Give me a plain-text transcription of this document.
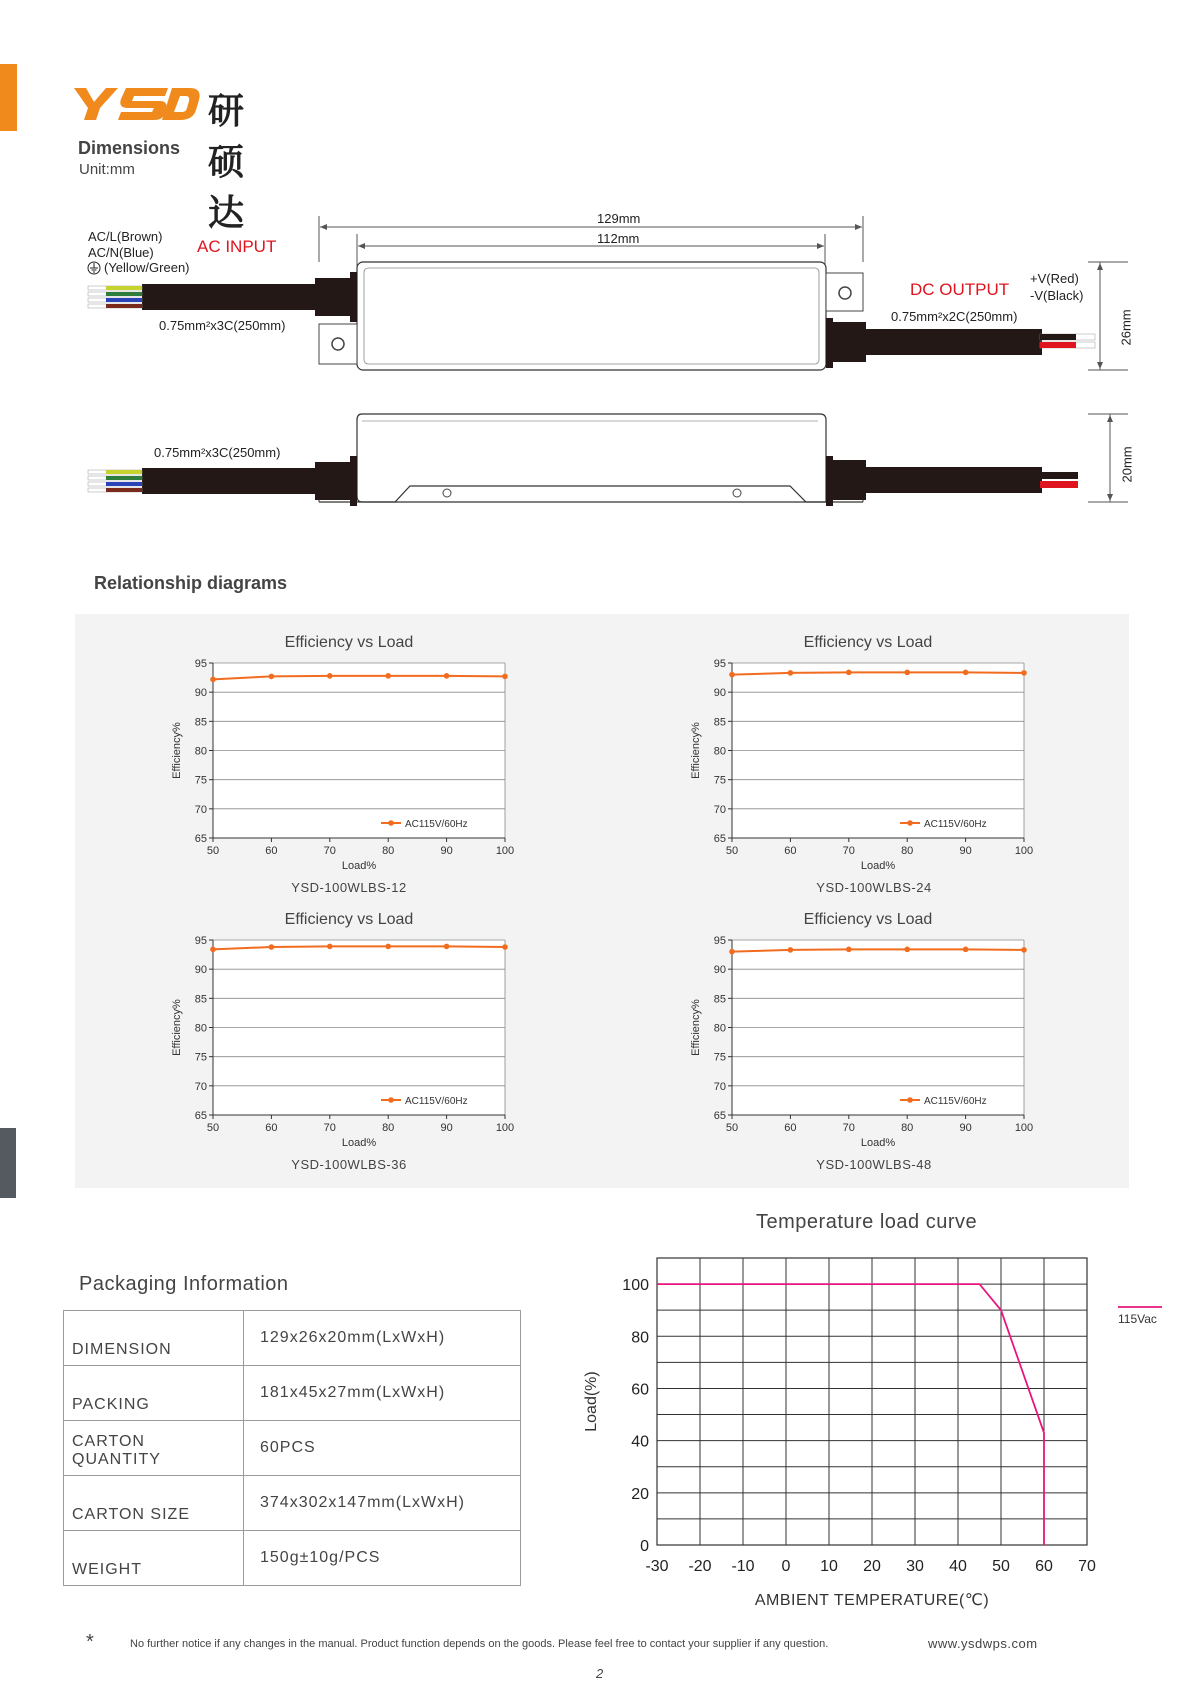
研硕达
Dimensions
Unit:mm
AC/L(Brown)
AC/N(Blue)
(Yellow/Green)
AC INPUT
DC OUTPUT
+V(Red)
-V(Black)
129mm
112mm
26mm
20mm
0.75mm²x3C(250mm)
0.75mm²x2C(250mm)
0.75mm²x3C(250mm)
Relationship diagrams
Efficiency vs Load	Efficiency vs Load
Efficiency vs Load	Efficiency vs Load
65
70
75
80
85
90
95
50	60	70	80	90	100
Load%
Efficiency%
AC115V/60Hz
65
70
75
80
85
90
95
50	60	70	80	90	100
Load%
Efficiency%
AC115V/60Hz
65
70
75
80
85
90
95
50	60	70	80	90	100
Load%
Efficiency%
AC115V/60Hz
65
70
75
80
85
90
95
50	60	70	80	90	100
Load%
Efficiency%
AC115V/60Hz
YSD-100WLBS-12	YSD-100WLBS-24
YSD-100WLBS-36	YSD-100WLBS-48
Packaging Information
DIMENSION	129x26x20mm(LxWxH)
PACKING	181x45x27mm(LxWxH)
CARTON QUANTITY	60PCS
CARTON SIZE	374x302x147mm(LxWxH)
WEIGHT	150g±10g/PCS
Temperature load curve
-30 -20 -10 0 10 20 30 40 50 60 70
0
20
40
60
80
100
AMBIENT TEMPERATURE(℃)
Load(%)
115Vac
*	No further notice if any changes in the manual. Product function depends on the goods. Please feel free to contact your supplier if any question.	www.ysdwps.com
2
